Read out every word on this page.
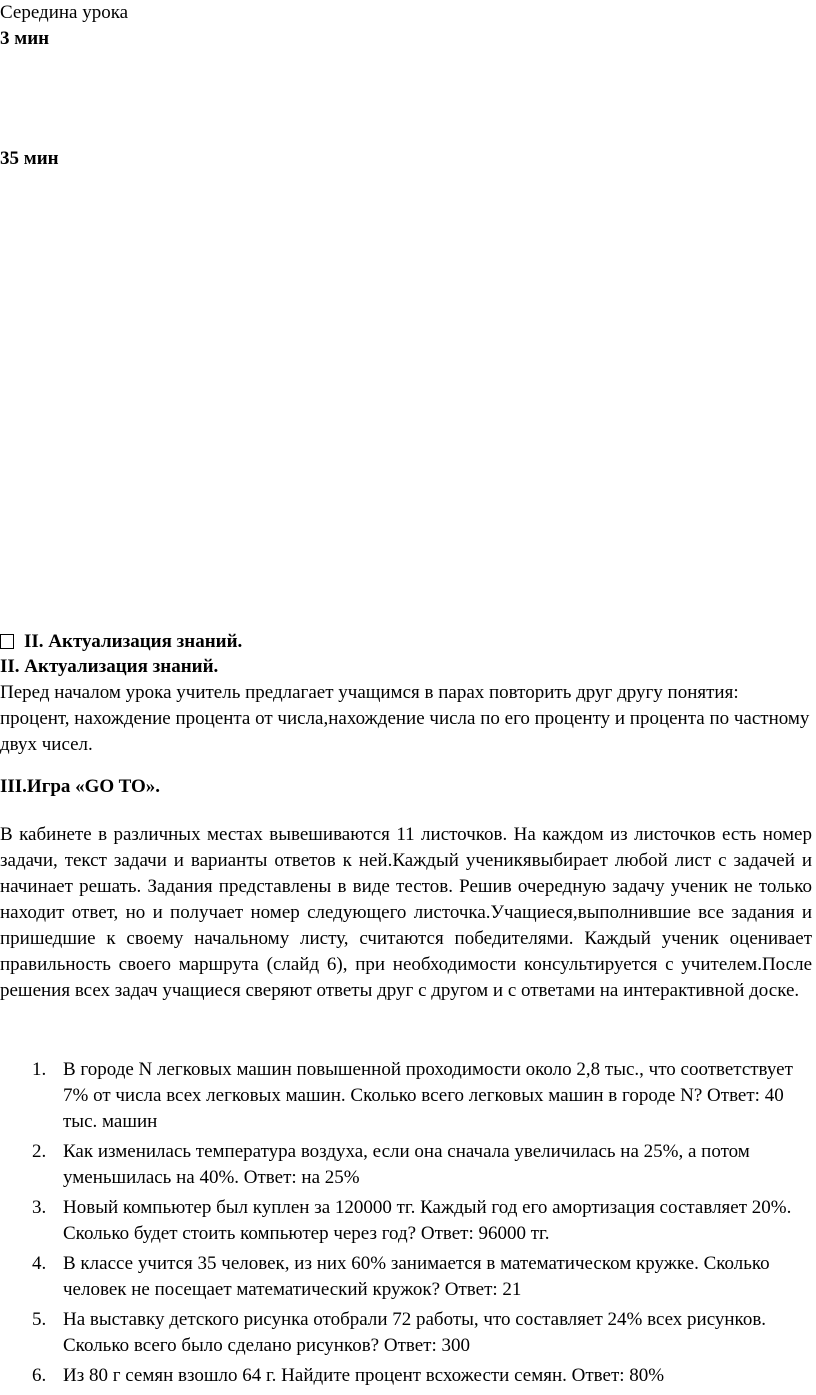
Середина урока
3 мин
35 мин
II. Актуализация знаний.
II. Актуализация знаний.

Перед началом урока учитель предлагает учащимся в парах повторить друг другу понятия: процент, нахождение процента от числа,нахождение числа по его проценту и процента по частному двух чисел.

III.Игра «GO TO».

В кабинете в различных местах вывешиваются 11 листочков. На каждом из листочков есть номер задачи, текст задачи и варианты ответов к ней.Каждый ученикявыбирает любой лист с задачей и начинает решать. Задания представлены в виде тестов. Решив очередную задачу ученик не только находит ответ, но и получает номер следующего листочка.Учащиеся,выполнившие все задания и пришедшие к своему начальному листу, считаются победителями. Каждый ученик оценивает правильность своего маршрута (слайд 6), при необходимости консультируется с учителем.После решения всех задач учащиеся сверяют ответы друг с другом и с ответами на интерактивной доске.

1. В городе N легковых машин повышенной проходимости около 2,8 тыс., что соответствует 7% от числа всех легковых машин. Сколько всего легковых машин в городе N? Ответ: 40 тыс. машин
2. Как изменилась температура воздуха, если она сначала увеличилась на 25%, а потом уменьшилась на 40%. Ответ: на 25%
3. Новый компьютер был куплен за 120000 тг. Каждый год его амортизация составляет 20%. Сколько будет стоить компьютер через год? Ответ: 96000 тг.
4. В классе учится 35 человек, из них 60% занимается в математическом кружке. Сколько человек не посещает математический кружок? Ответ: 21
5. На выставку детского рисунка отобрали 72 работы, что составляет 24% всех рисунков. Сколько всего было сделано рисунков? Ответ: 300
6. Из 80 г семян взошло 64 г. Найдите процент всхожести семян. Ответ: 80%
